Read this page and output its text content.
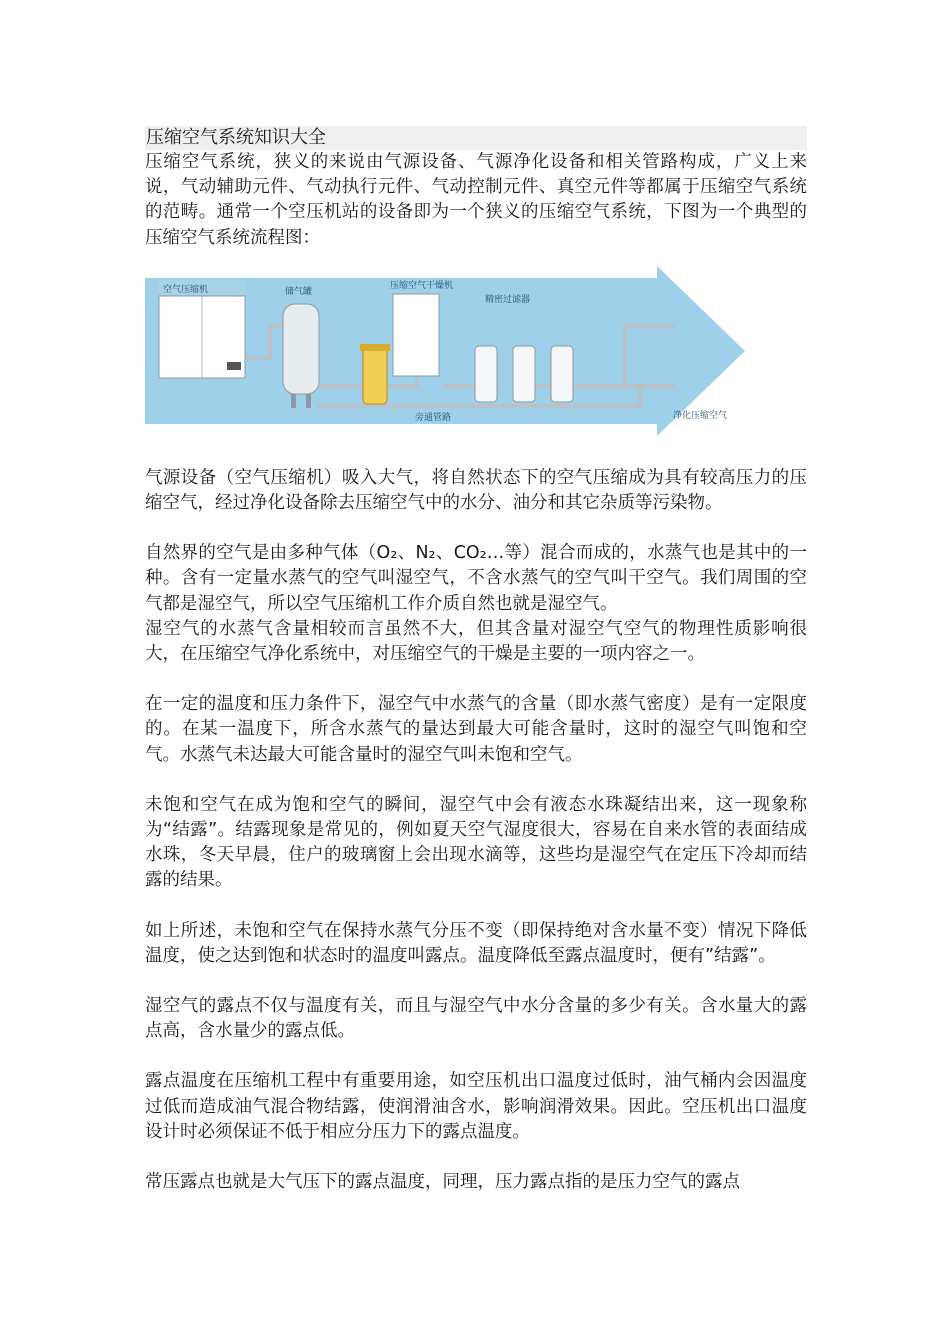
压缩空气系统知识大全

压缩空气系统，狭义的来说由气源设备、气源净化设备和相关管路构成，广义上来说，气动辅助元件、气动执行元件、气动控制元件、真空元件等都属于压缩空气系统的范畴。通常一个空压机站的设备即为一个狭义的压缩空气系统，下图为一个典型的压缩空气系统流程图：

空气压缩机	储气罐
压缩空气干燥机
精密过滤器
旁通管路	净化压缩空气

气源设备（空气压缩机）吸入大气，将自然状态下的空气压缩成为具有较高压力的压缩空气，经过净化设备除去压缩空气中的水分、油分和其它杂质等污染物。

自然界的空气是由多种气体（O₂、N₂、CO₂…等）混合而成的，水蒸气也是其中的一种。含有一定量水蒸气的空气叫湿空气，不含水蒸气的空气叫干空气。我们周围的空气都是湿空气，所以空气压缩机工作介质自然也就是湿空气。

湿空气的水蒸气含量相较而言虽然不大，但其含量对湿空气空气的物理性质影响很大，在压缩空气净化系统中，对压缩空气的干燥是主要的一项内容之一。

在一定的温度和压力条件下，湿空气中水蒸气的含量（即水蒸气密度）是有一定限度的。在某一温度下，所含水蒸气的量达到最大可能含量时，这时的湿空气叫饱和空气。水蒸气未达最大可能含量时的湿空气叫未饱和空气。

未饱和空气在成为饱和空气的瞬间，湿空气中会有液态水珠凝结出来，这一现象称为“结露”。结露现象是常见的，例如夏天空气湿度很大，容易在自来水管的表面结成水珠，冬天早晨，住户的玻璃窗上会出现水滴等，这些均是湿空气在定压下冷却而结露的结果。

如上所述，未饱和空气在保持水蒸气分压不变（即保持绝对含水量不变）情况下降低温度，使之达到饱和状态时的温度叫露点。温度降低至露点温度时，便有”结露”。

湿空气的露点不仅与温度有关，而且与湿空气中水分含量的多少有关。含水量大的露点高，含水量少的露点低。

露点温度在压缩机工程中有重要用途，如空压机出口温度过低时，油气桶内会因温度过低而造成油气混合物结露，使润滑油含水，影响润滑效果。因此。空压机出口温度设计时必须保证不低于相应分压力下的露点温度。

常压露点也就是大气压下的露点温度，同理，压力露点指的是压力空气的露点
